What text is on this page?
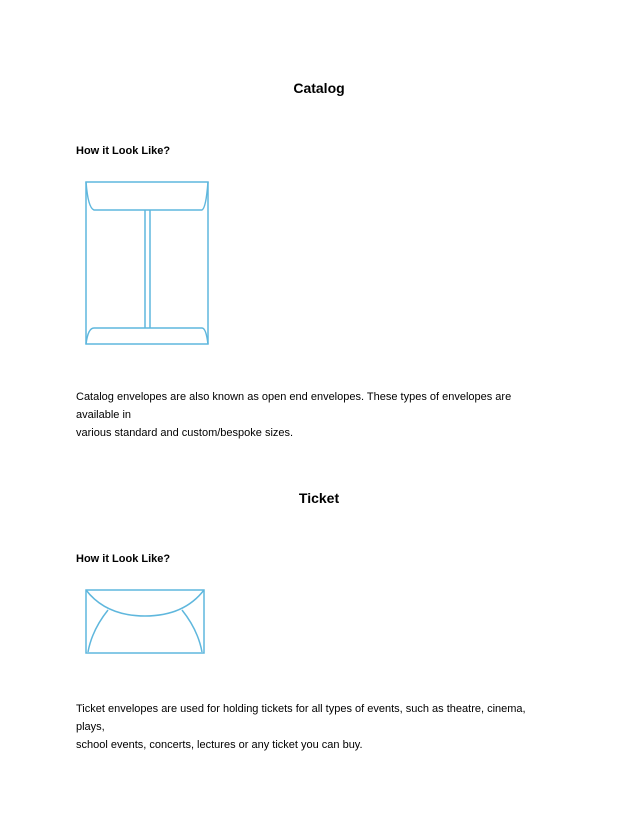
Catalog
How it Look Like?

Catalog envelopes are also known as open end envelopes. These types of envelopes are available in

various standard and custom/bespoke sizes.

Ticket
How it Look Like?

Ticket envelopes are used for holding tickets for all types of events, such as theatre, cinema, plays,

school events, concerts, lectures or any ticket you can buy.
